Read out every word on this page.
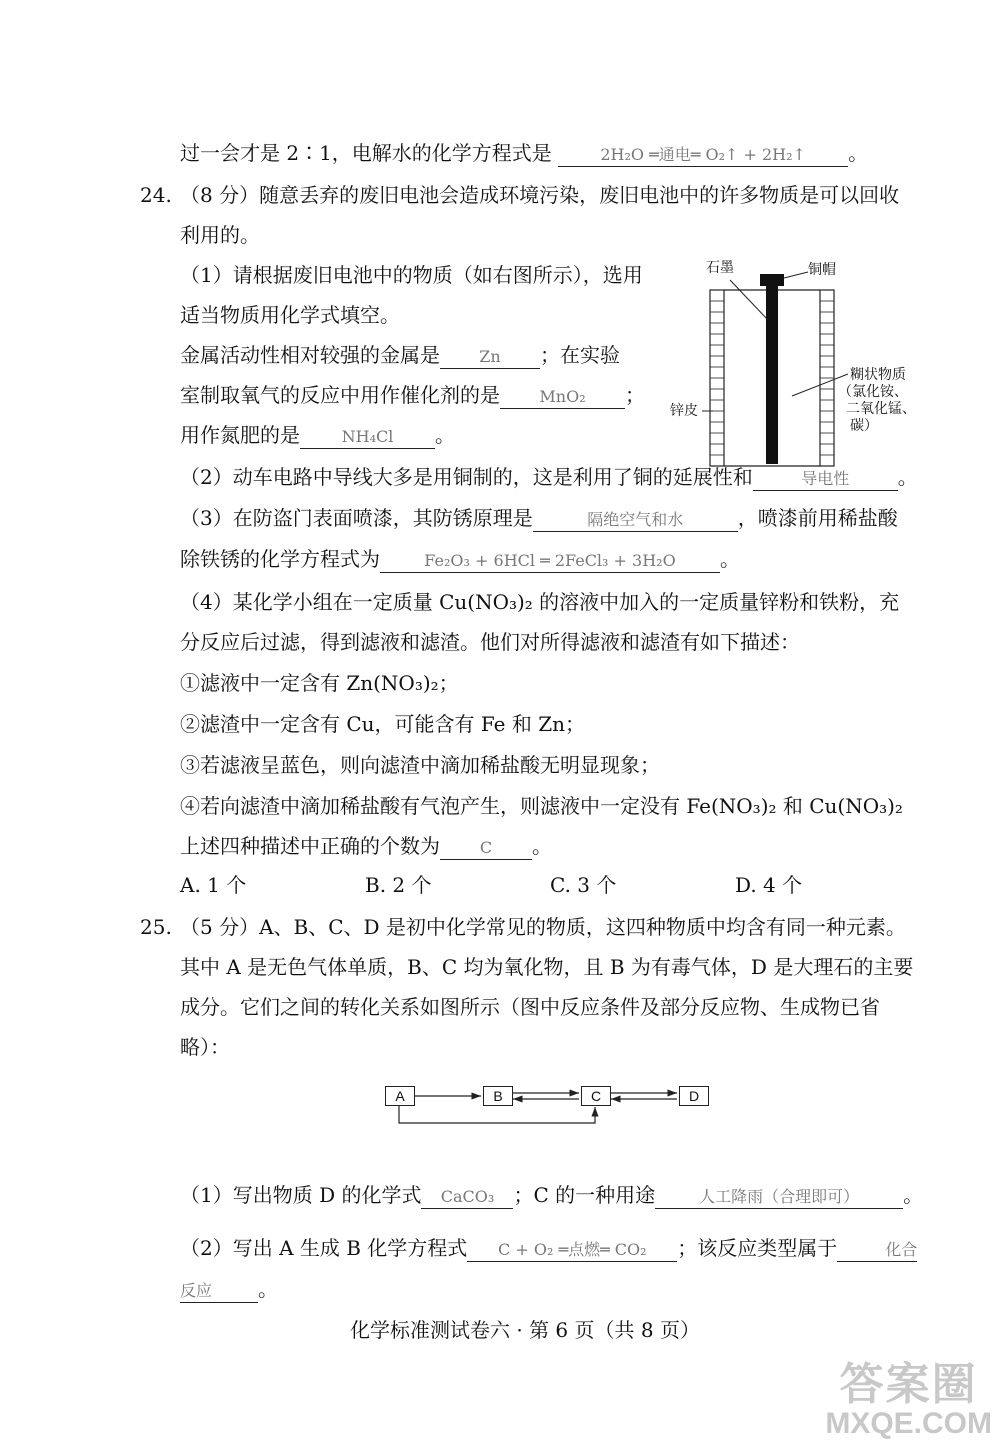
过一会才是 2∶1，电解水的化学方程式是	2H₂O ═通电═ O₂↑ + 2H₂↑ 。
24. （8 分）随意丢弃的废旧电池会造成环境污染，废旧电池中的许多物质是可以回收
利用的。
（1）请根据废旧电池中的物质（如右图所示），选用
适当物质用化学式填空。
金属活动性相对较强的金属是 Zn ；在实验
室制取氧气的反应中用作催化剂的是 MnO₂ ；
用作氮肥的是	NH₄Cl 。
石墨	铜帽
糊状物质
（氯化铵、
二氧化锰、
碳）
锌皮
（2）动车电路中导线大多是用铜制的，这是利用了铜的延展性和	导电性 。
（3）在防盗门表面喷漆，其防锈原理是	隔绝空气和水	，喷漆前用稀盐酸
除铁锈的化学方程式为	Fe₂O₃ + 6HCl ═ 2FeCl₃ + 3H₂O 。
（4）某化学小组在一定质量 Cu(NO₃)₂ 的溶液中加入的一定质量锌粉和铁粉，充
分反应后过滤，得到滤液和滤渣。他们对所得滤液和滤渣有如下描述：
①滤液中一定含有 Zn(NO₃)₂；
②滤渣中一定含有 Cu，可能含有 Fe 和 Zn；
③若滤液呈蓝色，则向滤渣中滴加稀盐酸无明显现象；
④若向滤渣中滴加稀盐酸有气泡产生，则滤液中一定没有 Fe(NO₃)₂ 和 Cu(NO₃)₂
上述四种描述中正确的个数为 C 。
A. 1 个	B. 2 个	C. 3 个	D. 4 个
25. （5 分）A、B、C、D 是初中化学常见的物质，这四种物质中均含有同一种元素。
其中 A 是无色气体单质，B、C 均为氧化物，且 B 为有毒气体，D 是大理石的主要
成分。它们之间的转化关系如图所示（图中反应条件及部分反应物、生成物已省
略）：
A	B	C	D
（1）写出物质 D 的化学式 CaCO₃ ；C 的一种用途	人工降雨（合理即可） 。
（2）写出 A 生成 B 化学方程式 C + O₂ ═点燃═ CO₂ ；该反应类型属于	化合
反应 。
化学标准测试卷六 · 第 6 页（共 8 页）
答案圈
MXQE.COM
